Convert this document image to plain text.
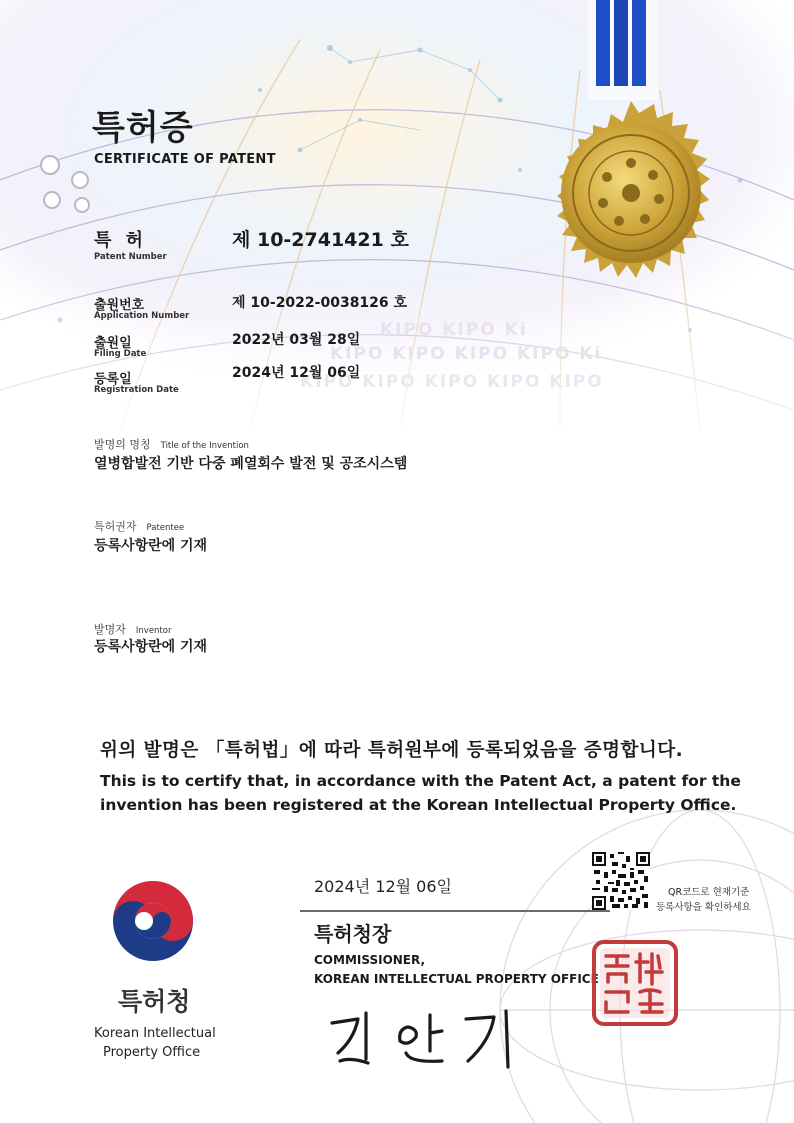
KIPO KIPO Ki
KIPO KIPO KIPO KIPO Ki
KIPO KIPO KIPO KIPO KIPO
특허증
CERTIFICATE OF PATENT
특 허
Patent Number
제 10-2741421 호
출원번호
Application Number
제 10-2022-0038126 호
출원일
Filing Date
2022년 03월 28일
등록일
Registration Date
2024년 12월 06일
발명의 명칭 Title of the Invention
열병합발전 기반 다중 폐열회수 발전 및 공조시스템
특허권자 Patentee
등록사항란에 기재
발명자 Inventor
등록사항란에 기재
위의 발명은 「특허법」에 따라 특허원부에 등록되었음을 증명합니다.
This is to certify that, in accordance with the Patent Act, a patent for the
invention has been registered at the Korean Intellectual Property Office.
2024년 12월 06일
특허청장
COMMISSIONER,
KOREAN INTELLECTUAL PROPERTY OFFICE
QR코드로 현재기준
등록사항을 확인하세요
특허청
Korean Intellectual
Property Office
